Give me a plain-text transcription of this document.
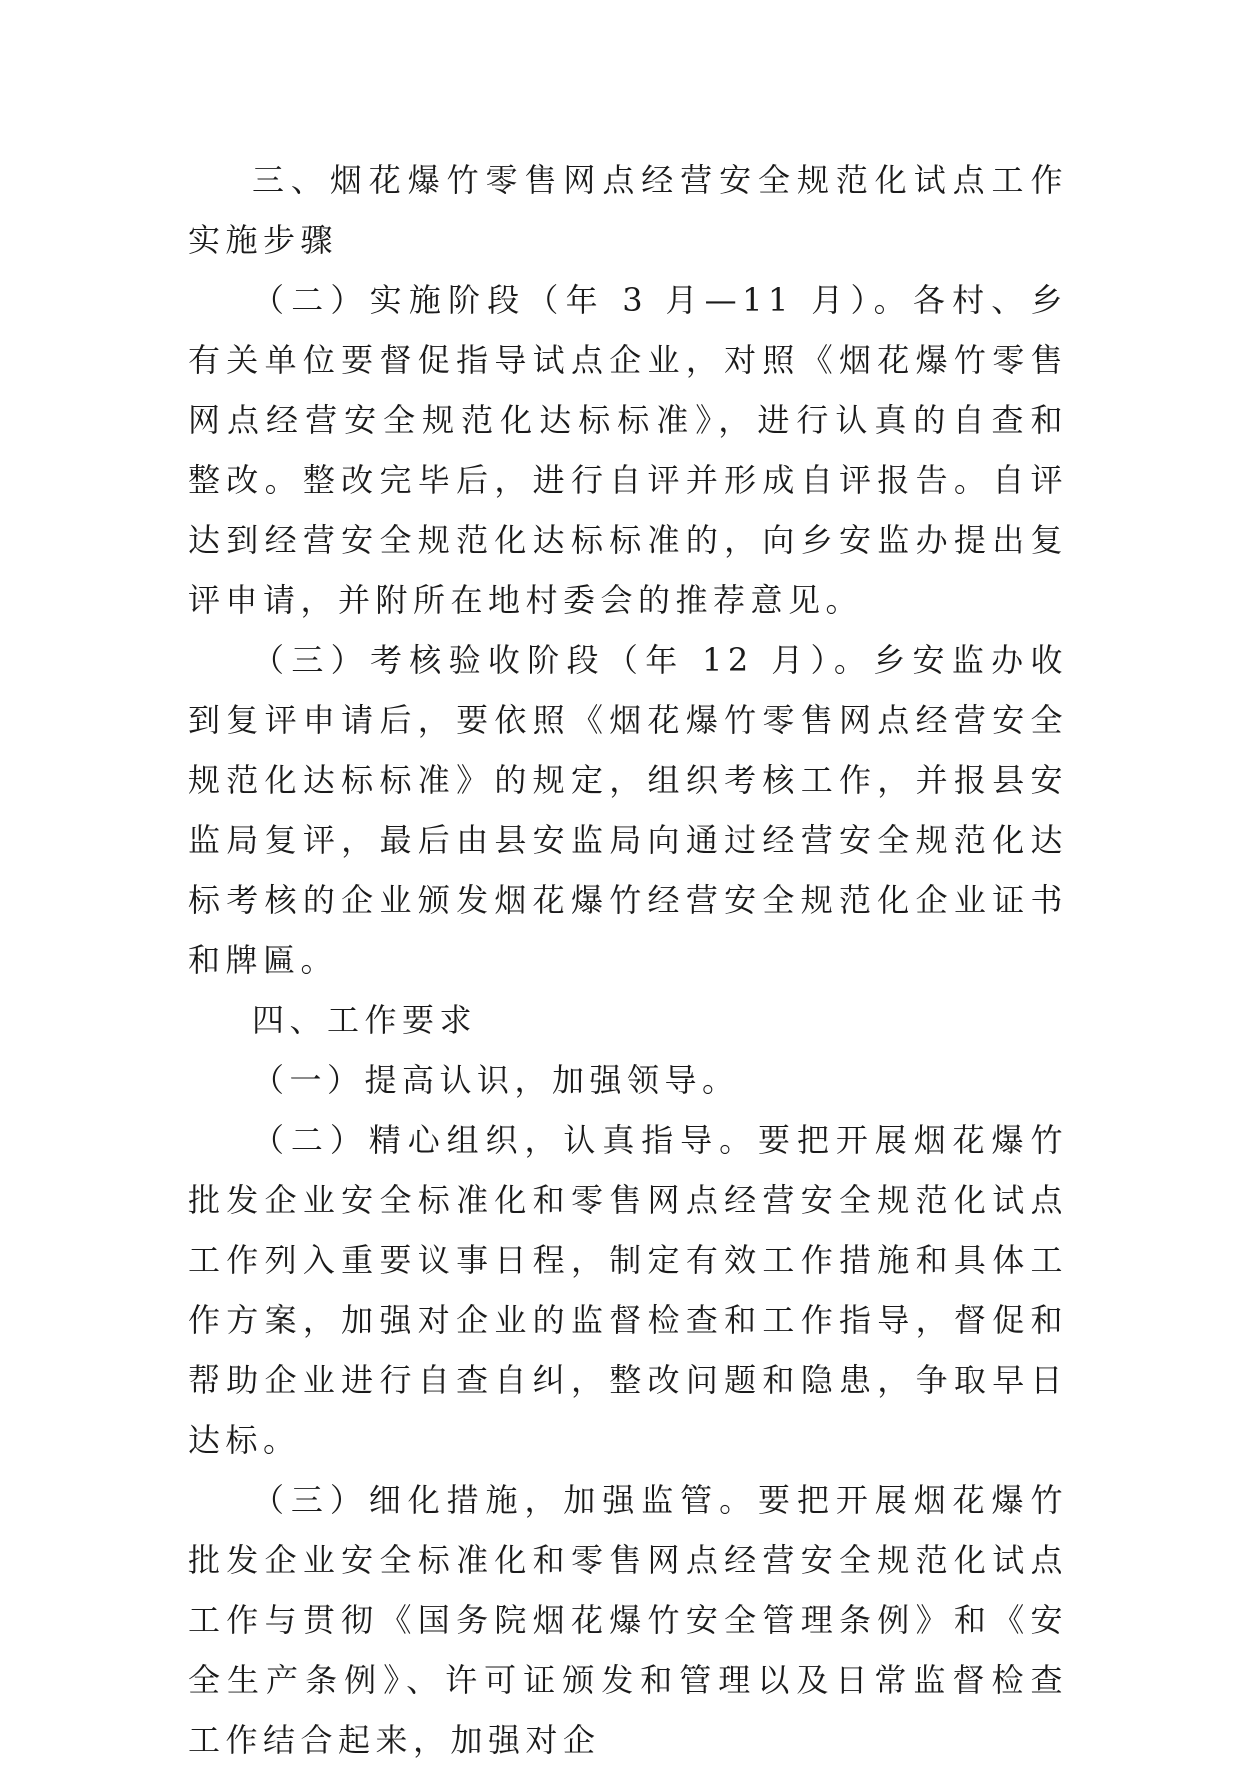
三、烟花爆竹零售网点经营安全规范化试点工作实施步骤

（二）实施阶段（年 3 月—11 月）。各村、乡有关单位要督促指导试点企业，对照《烟花爆竹零售网点经营安全规范化达标标准》，进行认真的自查和整改。整改完毕后，进行自评并形成自评报告。自评达到经营安全规范化达标标准的，向乡安监办提出复评申请，并附所在地村委会的推荐意见。

（三）考核验收阶段（年 12 月）。乡安监办收到复评申请后，要依照《烟花爆竹零售网点经营安全规范化达标标准》的规定，组织考核工作，并报县安监局复评，最后由县安监局向通过经营安全规范化达标考核的企业颁发烟花爆竹经营安全规范化企业证书和牌匾。

四、工作要求

（一）提高认识，加强领导。

（二）精心组织，认真指导。要把开展烟花爆竹批发企业安全标准化和零售网点经营安全规范化试点工作列入重要议事日程，制定有效工作措施和具体工作方案，加强对企业的监督检查和工作指导，督促和帮助企业进行自查自纠，整改问题和隐患，争取早日达标。

（三）细化措施，加强监管。要把开展烟花爆竹批发企业安全标准化和零售网点经营安全规范化试点工作与贯彻《国务院烟花爆竹安全管理条例》和《安全生产条例》、许可证颁发和管理以及日常监督检查工作结合起来，加强对企
